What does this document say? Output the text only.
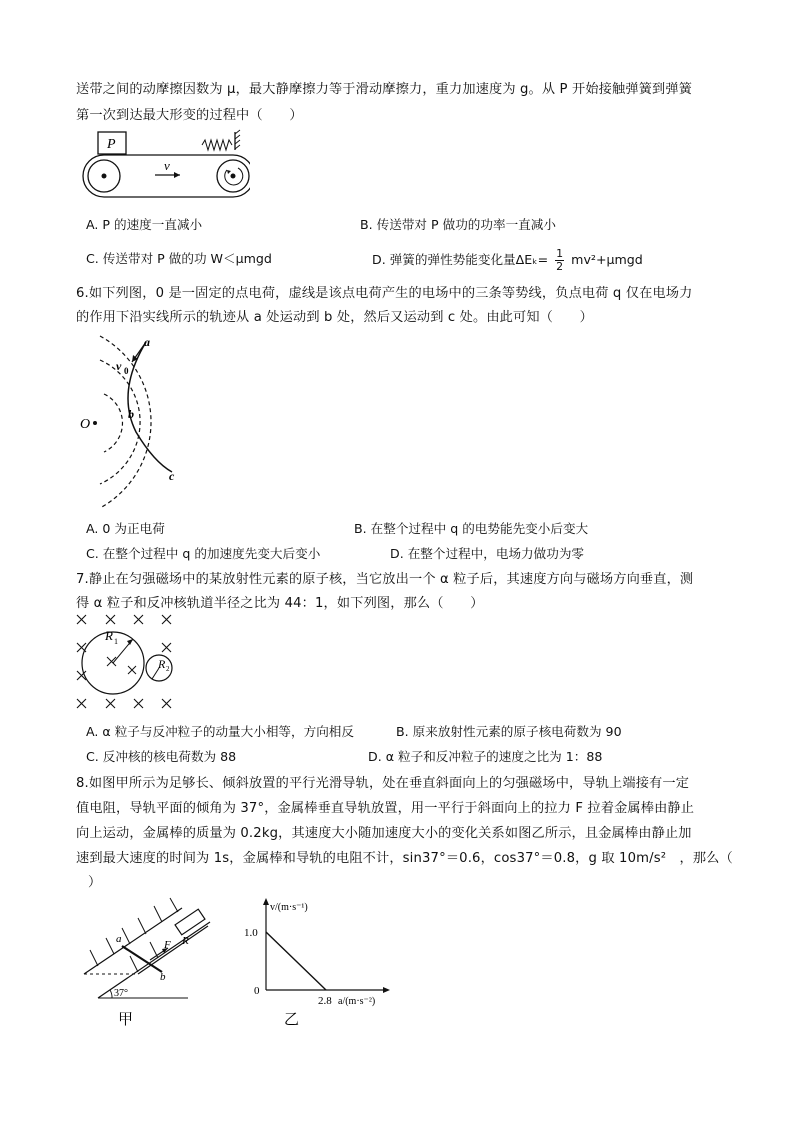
送带之间的动摩擦因数为 μ，最大静摩擦力等于滑动摩擦力，重力加速度为 g。从 P 开始接触弹簧到弹簧
第一次到达最大形变的过程中（　　）
P
v
A. P 的速度一直减小	B. 传送带对 P 做功的功率一直减小
C. 传送带对 P 做的功 W＜μmgd	D. 弹簧的弹性势能变化量$\Delta E_k= \frac{1}{2} mv^2+\mu mgd$
6.如下列图，0 是一固定的点电荷，虚线是该点电荷产生的电场中的三条等势线，负点电荷 q 仅在电场力
的作用下沿实线所示的轨迹从 a 处运动到 b 处，然后又运动到 c 处。由此可知（　　）
O
a
b
c
v 0
A. 0 为正电荷	B. 在整个过程中 q 的电势能先变小后变大
C. 在整个过程中 q 的加速度先变大后变小	D. 在整个过程中，电场力做功为零
7.静止在匀强磁场中的某放射性元素的原子核，当它放出一个 α 粒子后，其速度方向与磁场方向垂直，测
得 α 粒子和反冲核轨道半径之比为 44：1，如下列图，那么（　　）
R 1
R 2
A. α 粒子与反冲粒子的动量大小相等，方向相反	B. 原来放射性元素的原子核电荷数为 90
C. 反冲核的核电荷数为 88	D. α 粒子和反冲粒子的速度之比为 1：88
8.如图甲所示为足够长、倾斜放置的平行光滑导轨，处在垂直斜面向上的匀强磁场中，导轨上端接有一定
值电阻，导轨平面的倾角为 37°，金属棒垂直导轨放置，用一平行于斜面向上的拉力 F 拉着金属棒由静止
向上运动，金属棒的质量为 0.2kg，其速度大小随加速度大小的变化关系如图乙所示，且金属棒由静止加
速到最大速度的时间为 1s，金属棒和导轨的电阻不计，sin37°＝0.6，cos37°＝0.8，g 取 10m/s²　，那么（
）
F
a
b
R
37°
甲
v/(m·s⁻¹)
1.0
0
2.8 a/(m·s⁻²)
乙
